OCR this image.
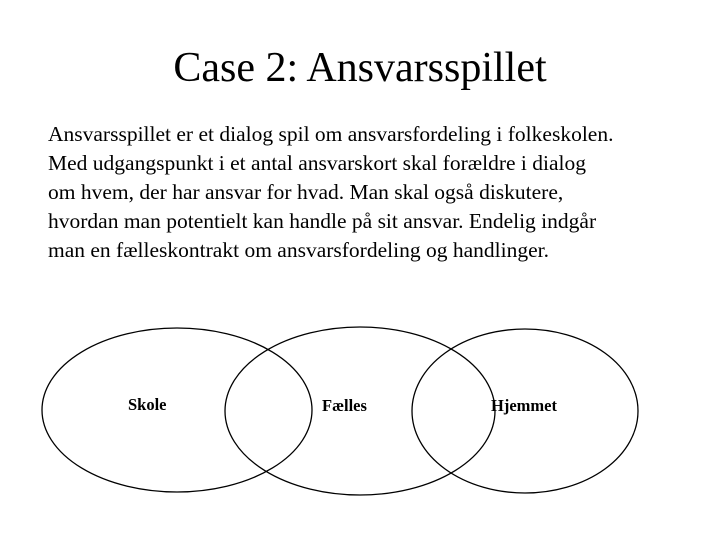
Case 2: Ansvarsspillet

Ansvarsspillet er et dialog spil om ansvarsfordeling i folkeskolen.

Med udgangspunkt i et antal ansvarskort skal forældre i dialog

om hvem, der har ansvar for hvad. Man skal også diskutere,

hvordan man potentielt kan handle på sit ansvar. Endelig indgår

man en fælleskontrakt om ansvarsfordeling og handlinger.

Skole	Fælles	Hjemmet
